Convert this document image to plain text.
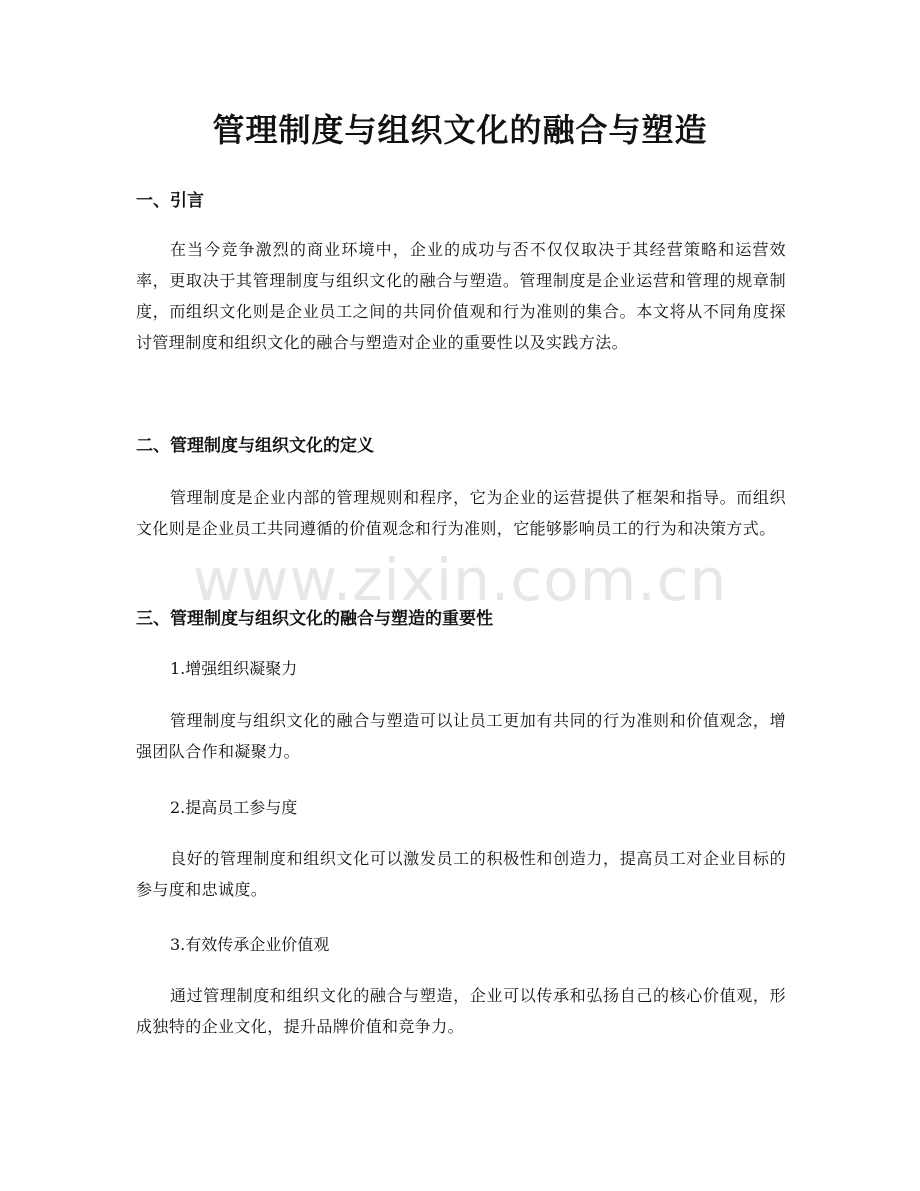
管理制度与组织文化的融合与塑造
一、引言

在当今竞争激烈的商业环境中，企业的成功与否不仅仅取决于其经营策略和运营效率，更取决于其管理制度与组织文化的融合与塑造。管理制度是企业运营和管理的规章制度，而组织文化则是企业员工之间的共同价值观和行为准则的集合。本文将从不同角度探讨管理制度和组织文化的融合与塑造对企业的重要性以及实践方法。

二、管理制度与组织文化的定义

管理制度是企业内部的管理规则和程序，它为企业的运营提供了框架和指导。而组织文化则是企业员工共同遵循的价值观念和行为准则，它能够影响员工的行为和决策方式。

三、管理制度与组织文化的融合与塑造的重要性

1.增强组织凝聚力

管理制度与组织文化的融合与塑造可以让员工更加有共同的行为准则和价值观念，增强团队合作和凝聚力。

2.提高员工参与度

良好的管理制度和组织文化可以激发员工的积极性和创造力，提高员工对企业目标的参与度和忠诚度。

3.有效传承企业价值观

通过管理制度和组织文化的融合与塑造，企业可以传承和弘扬自己的核心价值观，形成独特的企业文化，提升品牌价值和竞争力。

www.zixin.com.cn
